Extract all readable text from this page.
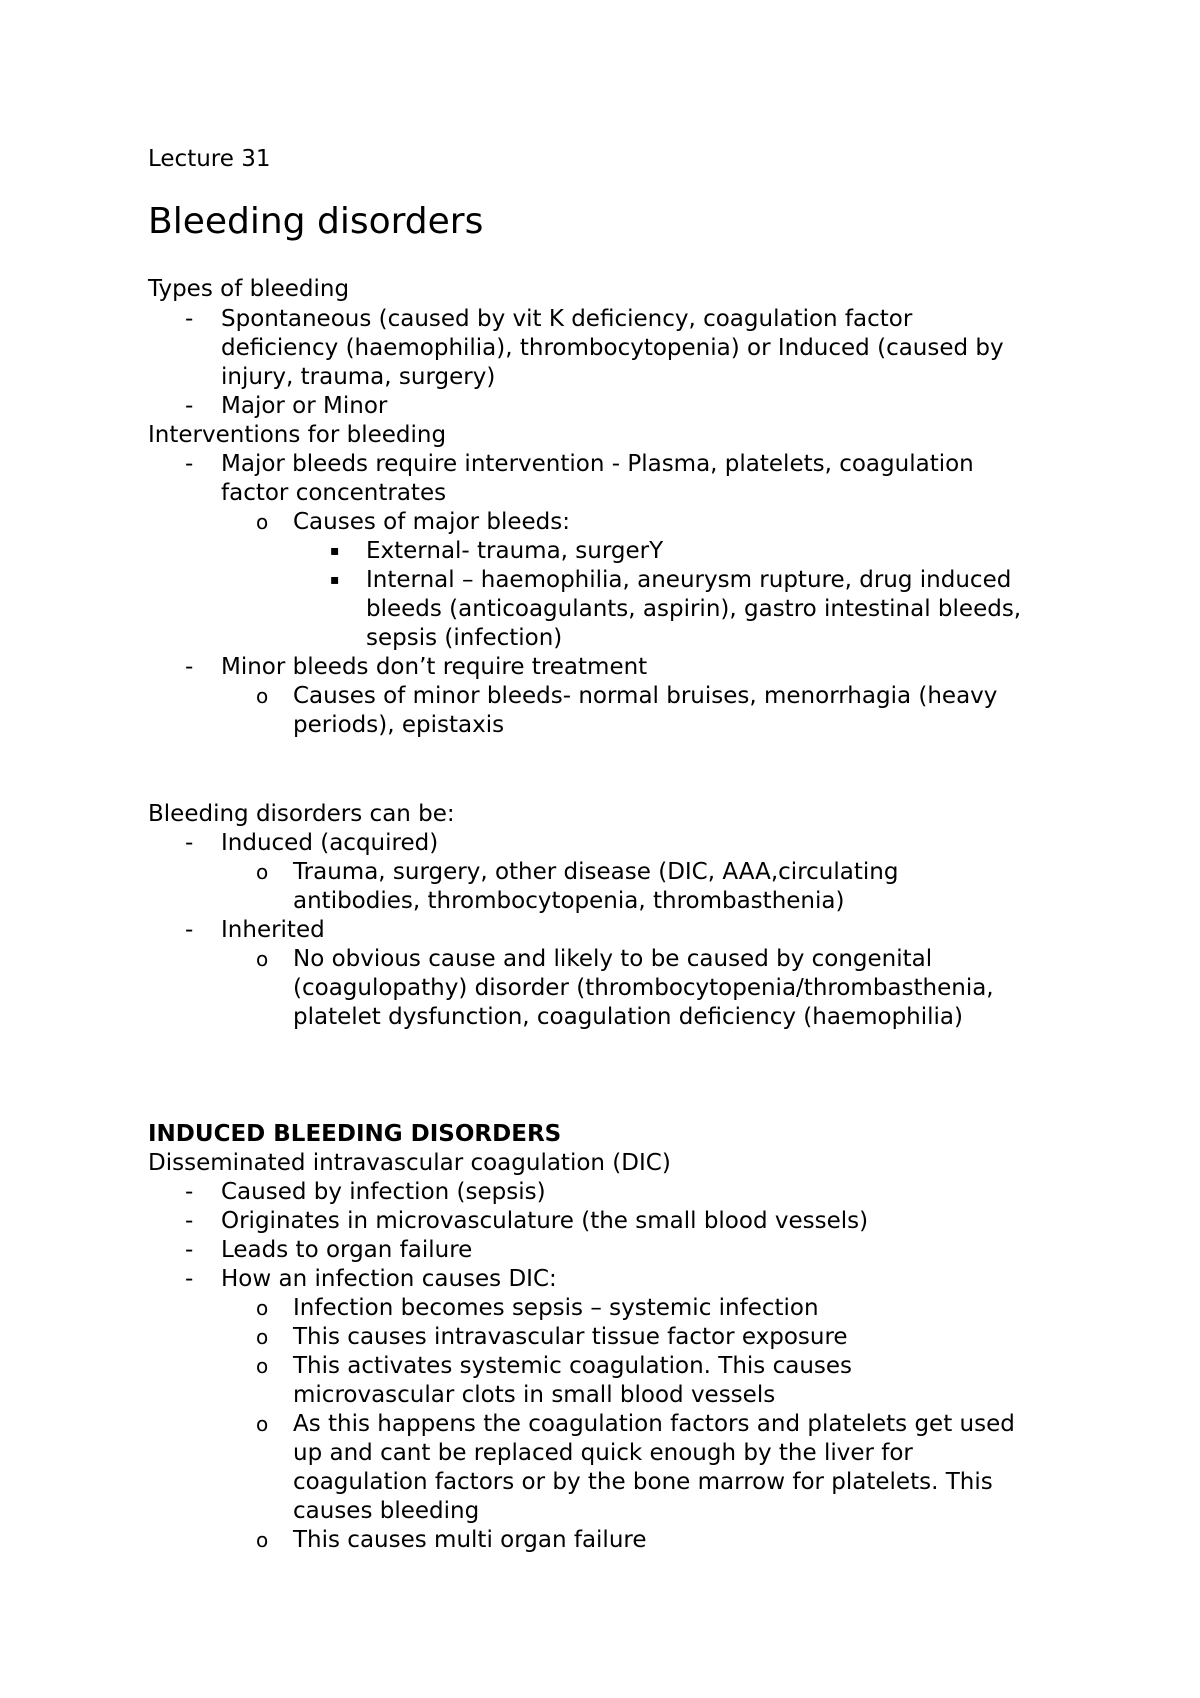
Lecture 31
Bleeding disorders
Types of bleeding
- Spontaneous (caused by vit K deficiency, coagulation factor
deficiency (haemophilia), thrombocytopenia) or Induced (caused by
injury, trauma, surgery)
- Major or Minor
Interventions for bleeding
- Major bleeds require intervention - Plasma, platelets, coagulation
factor concentrates
o Causes of major bleeds:
▪ External- trauma, surgerY
▪ Internal – haemophilia, aneurysm rupture, drug induced
bleeds (anticoagulants, aspirin), gastro intestinal bleeds,
sepsis (infection)
- Minor bleeds don’t require treatment
o Causes of minor bleeds- normal bruises, menorrhagia (heavy
periods), epistaxis
Bleeding disorders can be:
- Induced (acquired)
o Trauma, surgery, other disease (DIC, AAA,circulating
antibodies, thrombocytopenia, thrombasthenia)
- Inherited
o No obvious cause and likely to be caused by congenital
(coagulopathy) disorder (thrombocytopenia/thrombasthenia,
platelet dysfunction, coagulation deficiency (haemophilia)
INDUCED BLEEDING DISORDERS
Disseminated intravascular coagulation (DIC)
- Caused by infection (sepsis)
- Originates in microvasculature (the small blood vessels)
- Leads to organ failure
- How an infection causes DIC:
o Infection becomes sepsis – systemic infection
o This causes intravascular tissue factor exposure
o This activates systemic coagulation. This causes
microvascular clots in small blood vessels
o As this happens the coagulation factors and platelets get used
up and cant be replaced quick enough by the liver for
coagulation factors or by the bone marrow for platelets. This
causes bleeding
o This causes multi organ failure
